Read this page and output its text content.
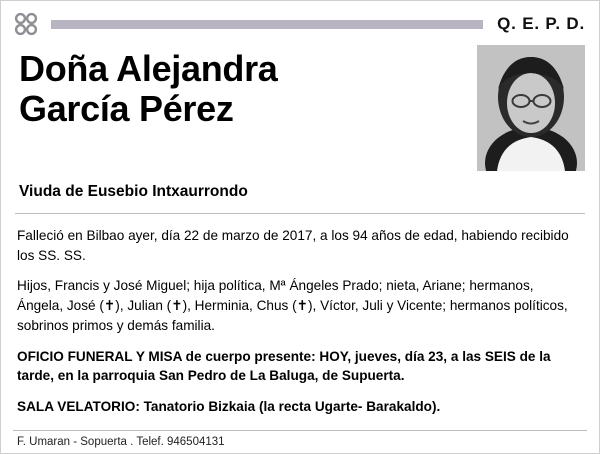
Q. E. P. D.
Doña Alejandra
García Pérez
Viuda de Eusebio Intxaurrondo

Falleció en Bilbao ayer, día 22 de marzo de 2017, a los 94 años de edad, habiendo recibido los SS. SS.

Hijos, Francis y José Miguel; hija política, Mª Ángeles Prado; nieta, Ariane; hermanos, Ángela, José (✝), Julian (✝), Herminia, Chus (✝), Víctor, Juli y Vicente; hermanos políticos, sobrinos primos y demás familia.

OFICIO FUNERAL Y MISA de cuerpo presente: HOY, jueves, día 23, a las SEIS de la tarde, en la parroquia San Pedro de La Baluga, de Supuerta.

SALA VELATORIO: Tanatorio Bizkaia (la recta Ugarte- Barakaldo).

F. Umaran - Sopuerta . Telef. 946504131
